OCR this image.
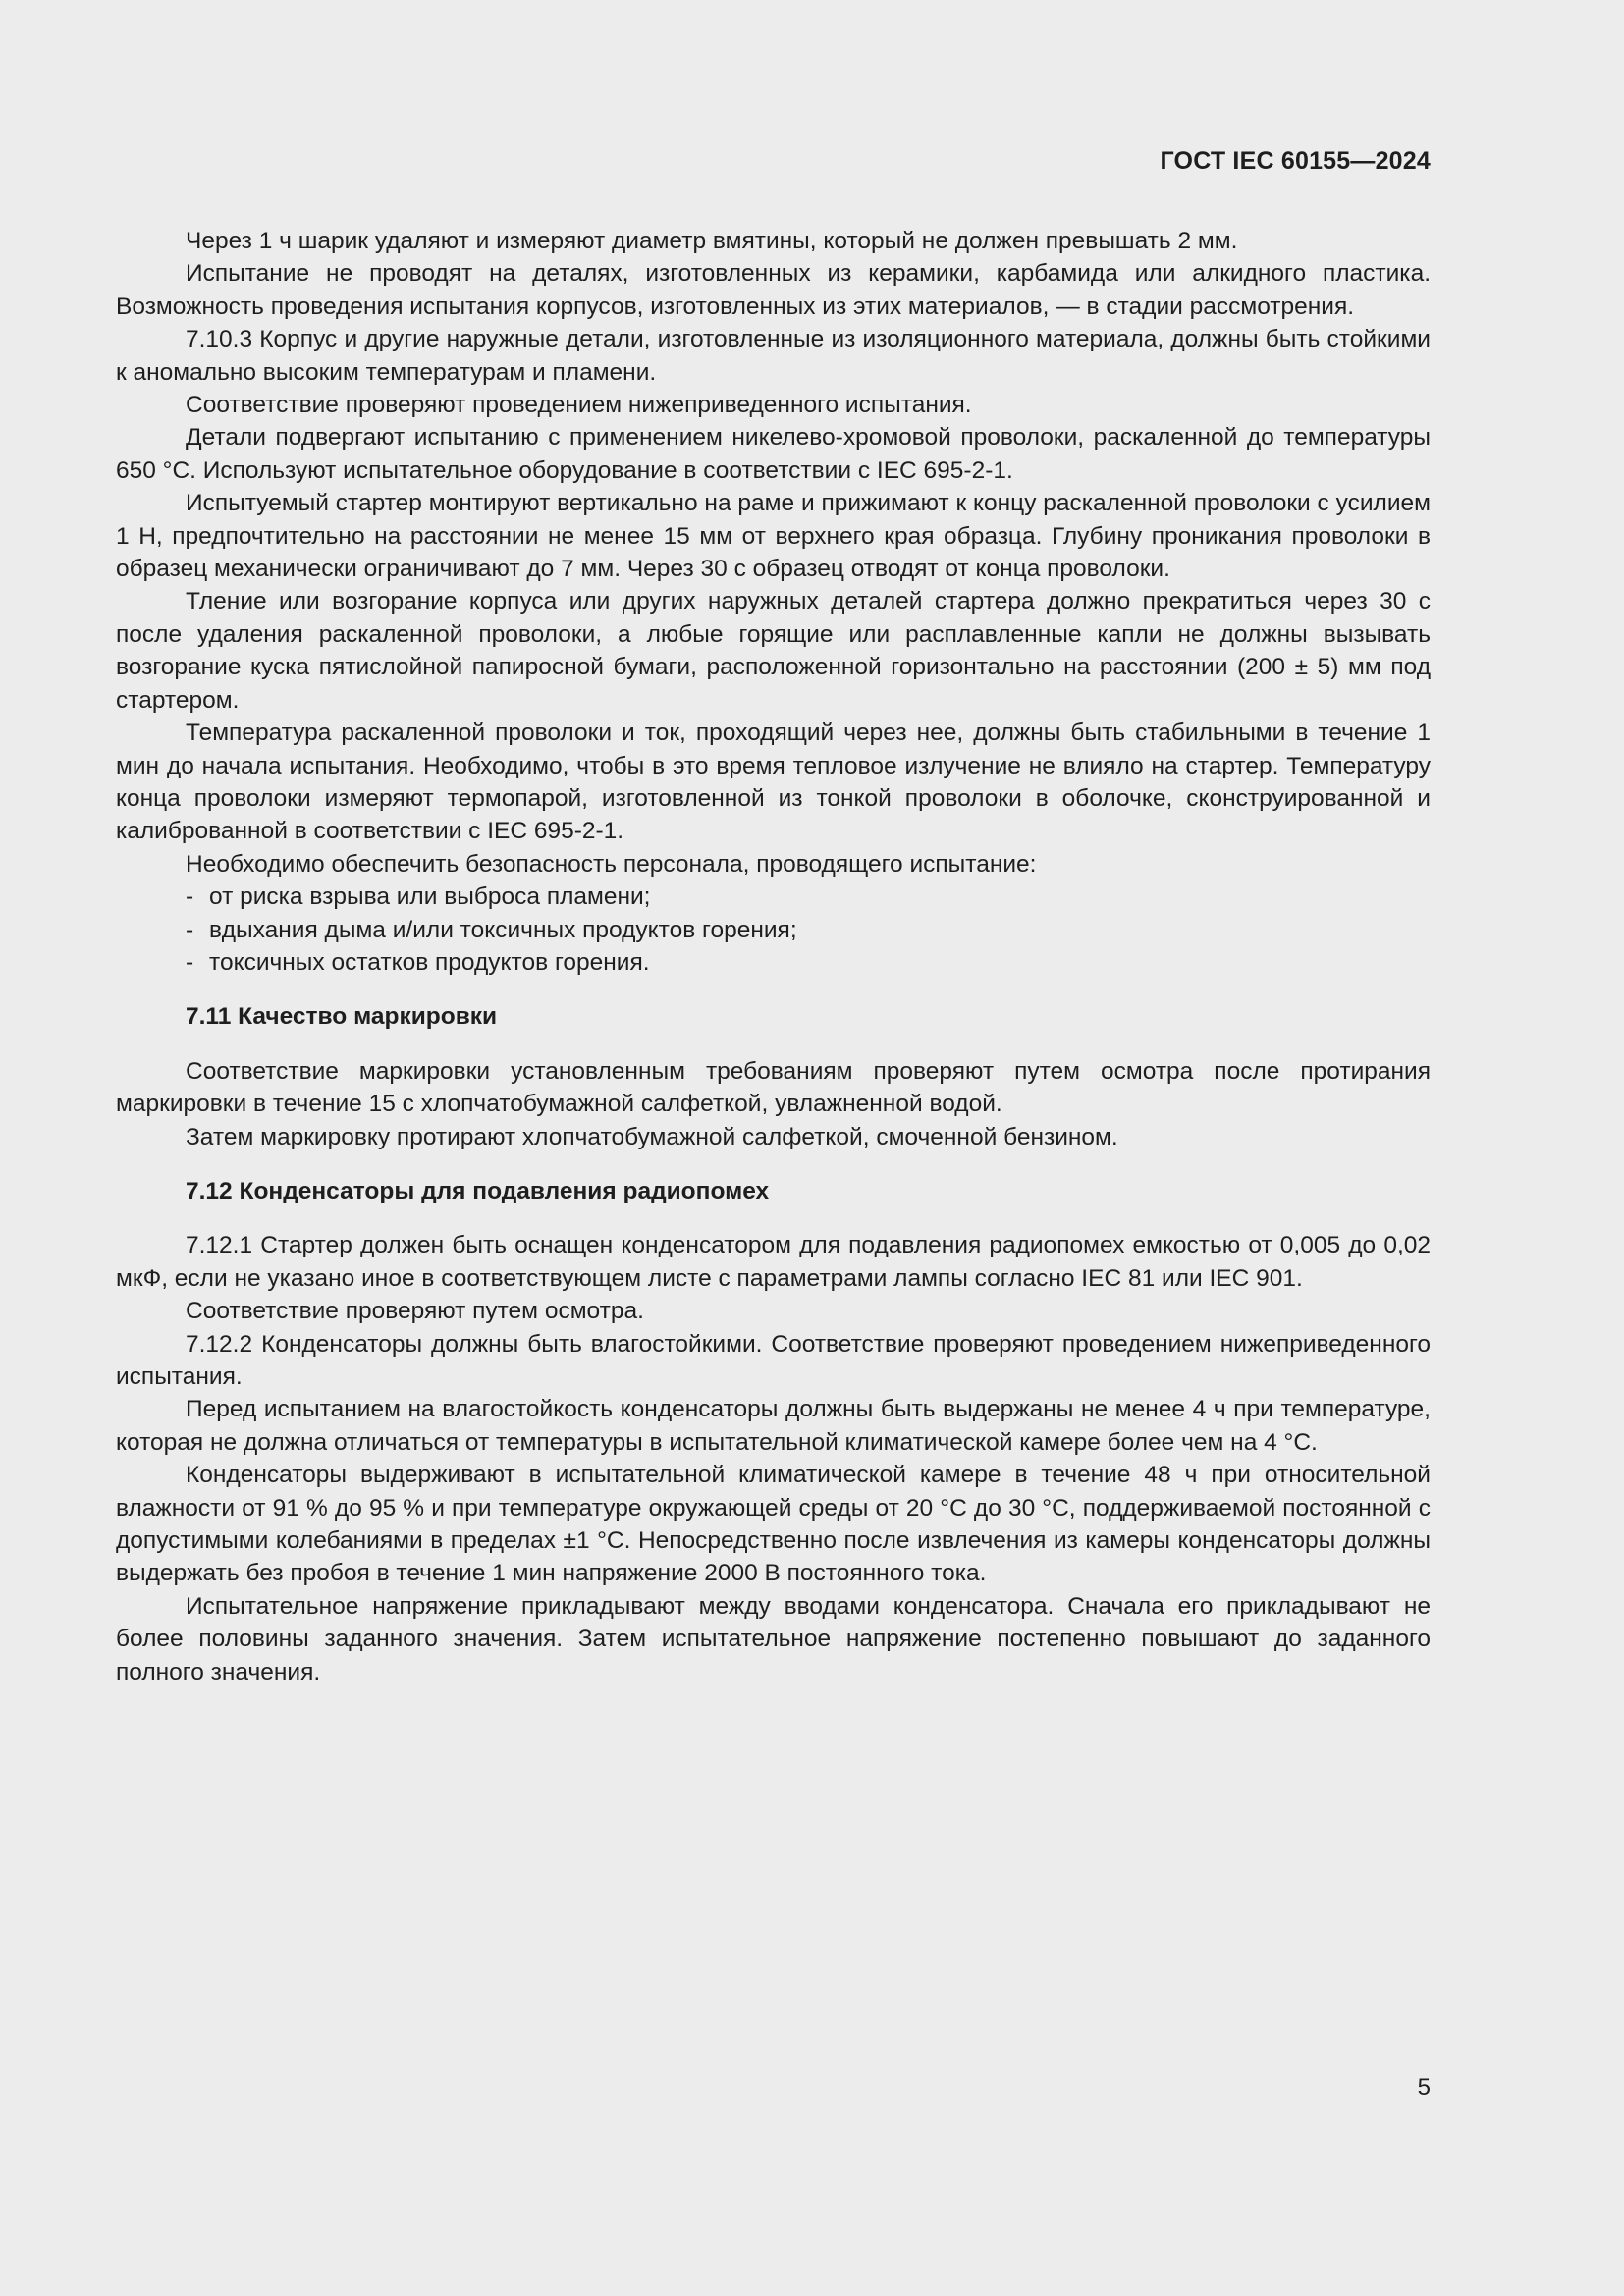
ГОСТ IEC 60155—2024

Через 1 ч шарик удаляют и измеряют диаметр вмятины, который не должен превышать 2 мм.

Испытание не проводят на деталях, изготовленных из керамики, карбамида или алкидного пластика. Возможность проведения испытания корпусов, изготовленных из этих материалов, — в стадии рассмотрения.

7.10.3 Корпус и другие наружные детали, изготовленные из изоляционного материала, должны быть стойкими к аномально высоким температурам и пламени.

Соответствие проверяют проведением нижеприведенного испытания.

Детали подвергают испытанию с применением никелево-хромовой проволоки, раскаленной до температуры 650 °С. Используют испытательное оборудование в соответствии с IEC 695-2-1.

Испытуемый стартер монтируют вертикально на раме и прижимают к концу раскаленной проволоки с усилием 1 Н, предпочтительно на расстоянии не менее 15 мм от верхнего края образца. Глубину проникания проволоки в образец механически ограничивают до 7 мм. Через 30 с образец отводят от конца проволоки.

Тление или возгорание корпуса или других наружных деталей стартера должно прекратиться через 30 с после удаления раскаленной проволоки, а любые горящие или расплавленные капли не должны вызывать возгорание куска пятислойной папиросной бумаги, расположенной горизонтально на расстоянии (200 ± 5) мм под стартером.

Температура раскаленной проволоки и ток, проходящий через нее, должны быть стабильными в течение 1 мин до начала испытания. Необходимо, чтобы в это время тепловое излучение не влияло на стартер. Температуру конца проволоки измеряют термопарой, изготовленной из тонкой проволоки в оболочке, сконструированной и калиброванной в соответствии с IEC 695-2-1.

Необходимо обеспечить безопасность персонала, проводящего испытание:

- от риска взрыва или выброса пламени;
- вдыхания дыма и/или токсичных продуктов горения;
- токсичных остатков продуктов горения.
7.11 Качество маркировки

Соответствие маркировки установленным требованиям проверяют путем осмотра после протирания маркировки в течение 15 с хлопчатобумажной салфеткой, увлажненной водой.

Затем маркировку протирают хлопчатобумажной салфеткой, смоченной бензином.

7.12 Конденсаторы для подавления радиопомех

7.12.1 Стартер должен быть оснащен конденсатором для подавления радиопомех емкостью от 0,005 до 0,02 мкФ, если не указано иное в соответствующем листе с параметрами лампы согласно IEC 81 или IEC 901.

Соответствие проверяют путем осмотра.

7.12.2 Конденсаторы должны быть влагостойкими. Соответствие проверяют проведением нижеприведенного испытания.

Перед испытанием на влагостойкость конденсаторы должны быть выдержаны не менее 4 ч при температуре, которая не должна отличаться от температуры в испытательной климатической камере более чем на 4 °С.

Конденсаторы выдерживают в испытательной климатической камере в течение 48 ч при относительной влажности от 91 % до 95 % и при температуре окружающей среды от 20 °С до 30 °С, поддерживаемой постоянной с допустимыми колебаниями в пределах ±1 °С. Непосредственно после извлечения из камеры конденсаторы должны выдержать без пробоя в течение 1 мин напряжение 2000 В постоянного тока.

Испытательное напряжение прикладывают между вводами конденсатора. Сначала его прикладывают не более половины заданного значения. Затем испытательное напряжение постепенно повышают до заданного полного значения.

5
